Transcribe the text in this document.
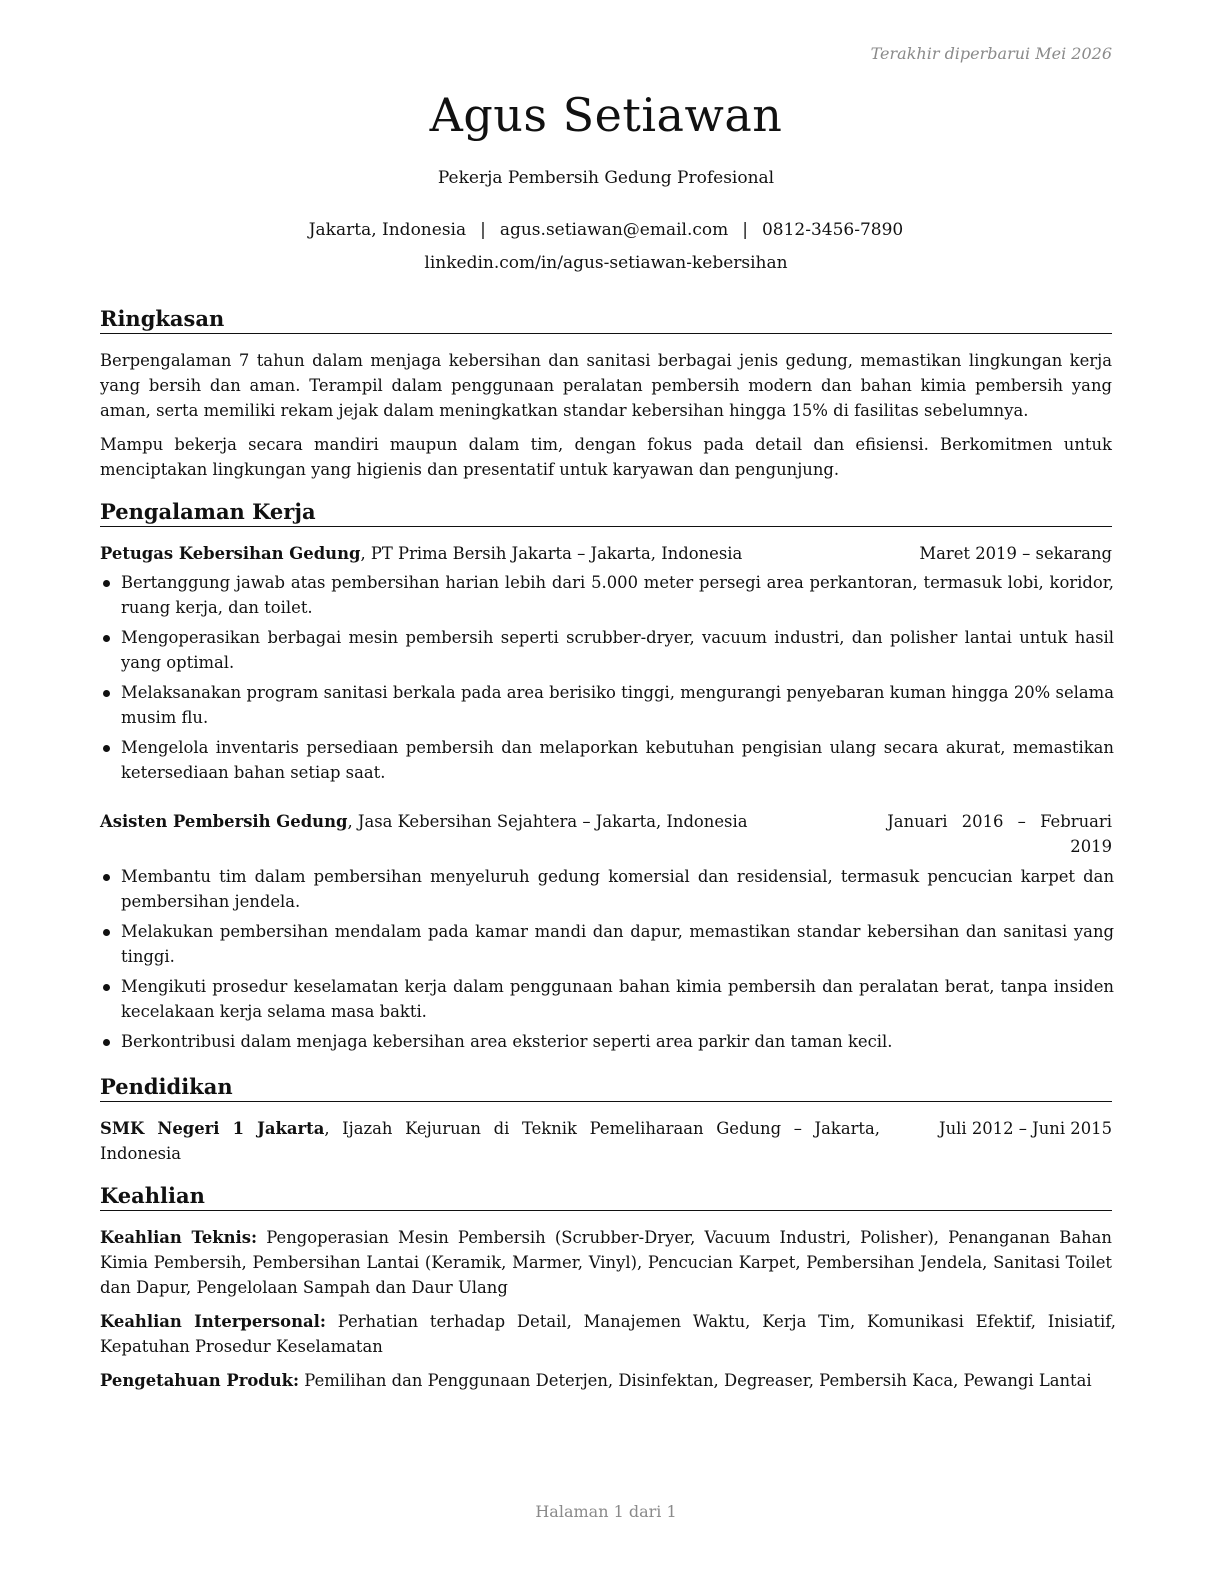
Terakhir diperbarui Mei 2026
Agus Setiawan
Pekerja Pembersih Gedung Profesional
Jakarta, Indonesia | agus.setiawan@email.com | 0812-3456-7890
linkedin.com/in/agus-setiawan-kebersihan
Ringkasan
Berpengalaman 7 tahun dalam menjaga kebersihan dan sanitasi berbagai jenis gedung, memastikan lingkungan kerja yang bersih dan aman. Terampil dalam penggunaan peralatan pembersih modern dan bahan kimia pembersih yang aman, serta memiliki rekam jejak dalam meningkatkan standar kebersihan hingga 15% di fasilitas sebelumnya.
Mampu bekerja secara mandiri maupun dalam tim, dengan fokus pada detail dan efisiensi. Berkomitmen untuk menciptakan lingkungan yang higienis dan presentatif untuk karyawan dan pengunjung.
Pengalaman Kerja
Petugas Kebersihan Gedung, PT Prima Bersih Jakarta – Jakarta, Indonesia	Maret 2019 – sekarang
Bertanggung jawab atas pembersihan harian lebih dari 5.000 meter persegi area perkantoran, termasuk lobi, koridor, ruang kerja, dan toilet.
Mengoperasikan berbagai mesin pembersih seperti scrubber-dryer, vacuum industri, dan polisher lantai untuk hasil yang optimal.
Melaksanakan program sanitasi berkala pada area berisiko tinggi, mengurangi penyebaran kuman hingga 20% selama musim flu.
Mengelola inventaris persediaan pembersih dan melaporkan kebutuhan pengisian ulang secara akurat, memastikan ketersediaan bahan setiap saat.
Asisten Pembersih Gedung, Jasa Kebersihan Sejahtera – Jakarta, Indonesia	Januari 2016 – Februari
2019
Membantu tim dalam pembersihan menyeluruh gedung komersial dan residensial, termasuk pencucian karpet dan pembersihan jendela.
Melakukan pembersihan mendalam pada kamar mandi dan dapur, memastikan standar kebersihan dan sanitasi yang tinggi.
Mengikuti prosedur keselamatan kerja dalam penggunaan bahan kimia pembersih dan peralatan berat, tanpa insiden kecelakaan kerja selama masa bakti.
Berkontribusi dalam menjaga kebersihan area eksterior seperti area parkir dan taman kecil.
Pendidikan
SMK Negeri 1 Jakarta, Ijazah Kejuruan di Teknik Pemeliharaan Gedung – Jakarta, Indonesia
Juli 2012 – Juni 2015
Keahlian
Keahlian Teknis: Pengoperasian Mesin Pembersih (Scrubber-Dryer, Vacuum Industri, Polisher), Penanganan Bahan Kimia Pembersih, Pembersihan Lantai (Keramik, Marmer, Vinyl), Pencucian Karpet, Pembersihan Jendela, Sanitasi Toilet dan Dapur, Pengelolaan Sampah dan Daur Ulang
Keahlian Interpersonal: Perhatian terhadap Detail, Manajemen Waktu, Kerja Tim, Komunikasi Efektif, Inisiatif, Kepatuhan Prosedur Keselamatan
Pengetahuan Produk: Pemilihan dan Penggunaan Deterjen, Disinfektan, Degreaser, Pembersih Kaca, Pewangi Lantai
Halaman 1 dari 1
